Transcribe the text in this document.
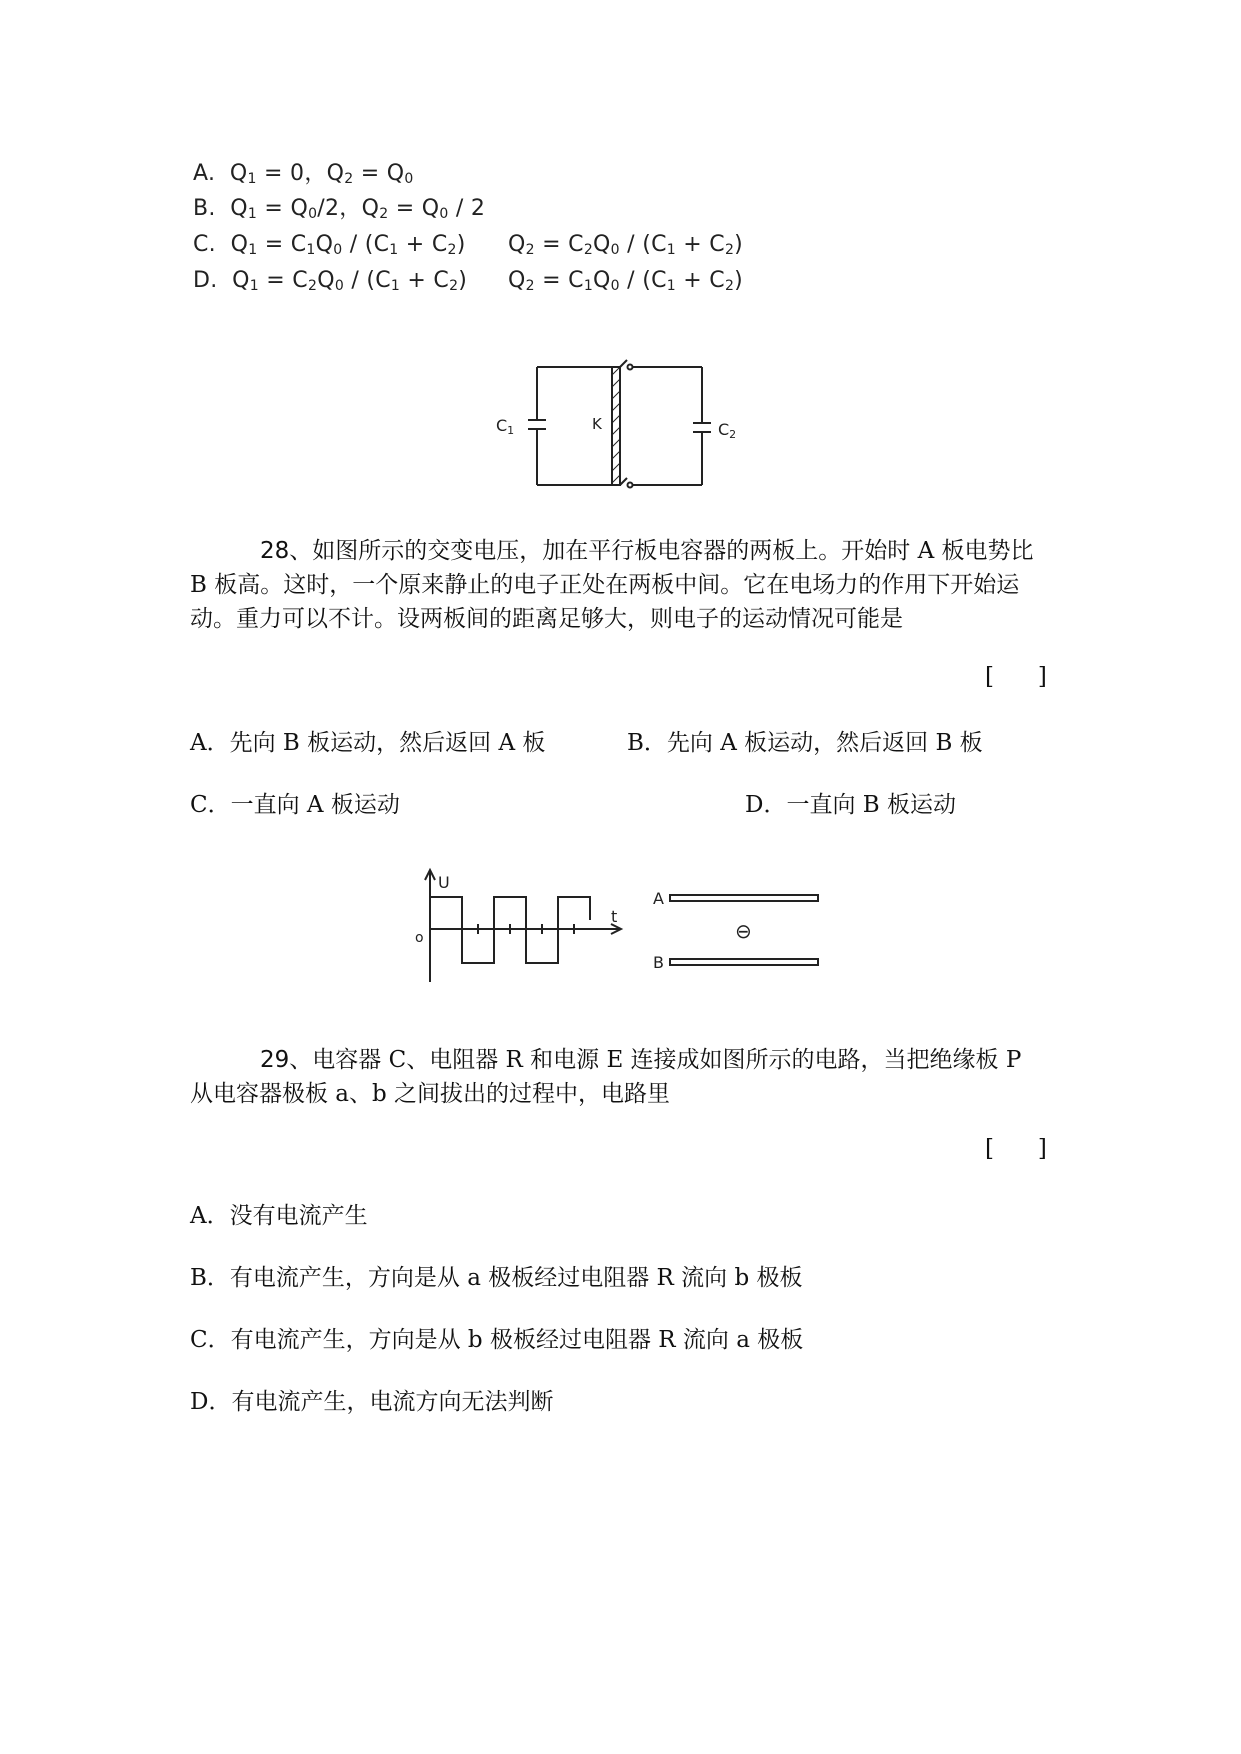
A. $Q_1 = 0$，$Q_2 = Q_0$
B. $Q_1 = Q_0/2$，$Q_2 = Q_0 / 2$
C. $Q_1 = C_1Q_0 / (C_1 + C_2) Q_2 = C_2Q_0 / (C_1 + C_2)$
D. $Q_1 = C_2Q_0 / (C_1 + C_2) Q_2 = C_1Q_0 / (C_1 + C_2)$
C1	K	C2
28、如图所示的交变电压，加在平行板电容器的两板上。开始时 A 板电势比 B 板高。这时，一个原来静止的电子正处在两板中间。它在电场力的作用下开始运动。重力可以不计。设两板间的距离足够大，则电子的运动情况可能是
[      ]
A．先向 B 板运动，然后返回 A 板	B．先向 A 板运动，然后返回 B 板
C．一直向 A 板运动	D．一直向 B 板运动
U
t
o
A
B
⊖
29、电容器 C、电阻器 R 和电源 E 连接成如图所示的电路，当把绝缘板 P 从电容器极板 a、b 之间拔出的过程中，电路里
[      ]
A．没有电流产生
B．有电流产生，方向是从 a 极板经过电阻器 R 流向 b 极板
C．有电流产生，方向是从 b 极板经过电阻器 R 流向 a 极板
D．有电流产生，电流方向无法判断
